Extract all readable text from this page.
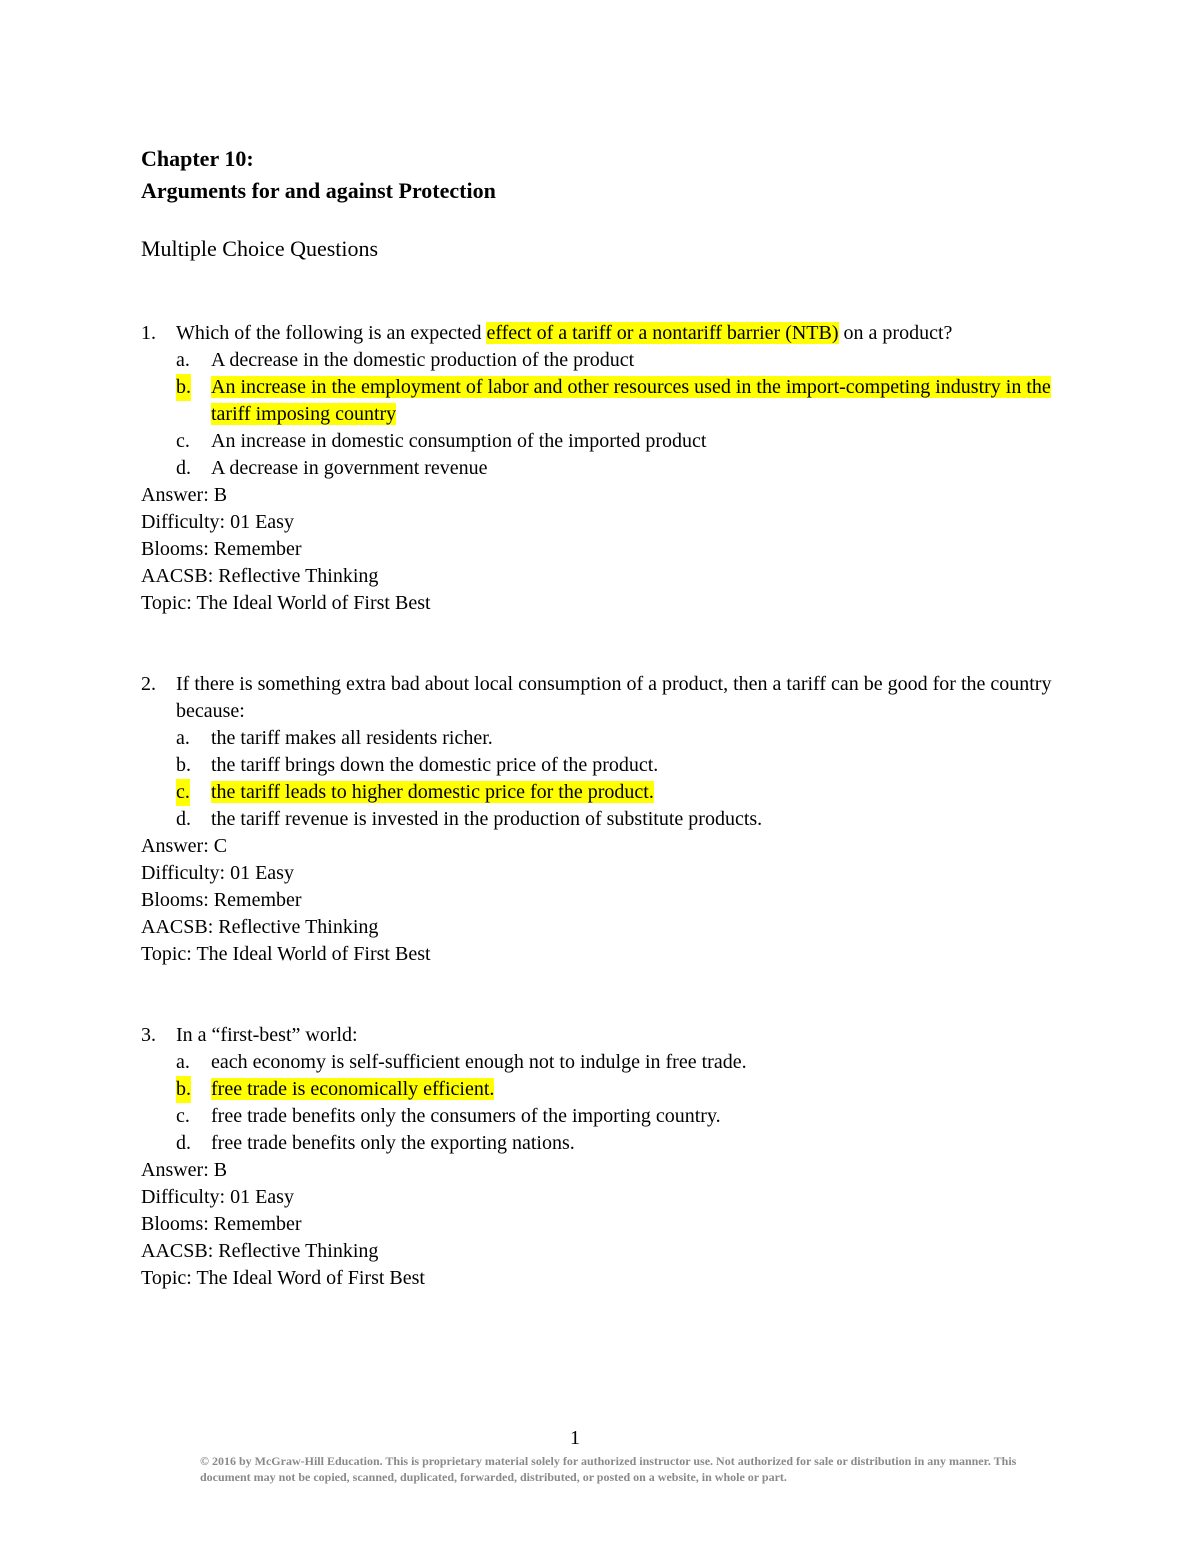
Chapter 10:
Arguments for and against Protection
Multiple Choice Questions
1. Which of the following is an expected effect of a tariff or a nontariff barrier (NTB) on a product?
a. A decrease in the domestic production of the product
b. An increase in the employment of labor and other resources used in the import-competing industry in the tariff imposing country
c. An increase in domestic consumption of the imported product
d. A decrease in government revenue
Answer: B
Difficulty: 01 Easy
Blooms: Remember
AACSB: Reflective Thinking
Topic: The Ideal World of First Best
2. If there is something extra bad about local consumption of a product, then a tariff can be good for the country because:
a. the tariff makes all residents richer.
b. the tariff brings down the domestic price of the product.
c. the tariff leads to higher domestic price for the product.
d. the tariff revenue is invested in the production of substitute products.
Answer: C
Difficulty: 01 Easy
Blooms: Remember
AACSB: Reflective Thinking
Topic: The Ideal World of First Best
3. In a “first-best” world:
a. each economy is self-sufficient enough not to indulge in free trade.
b. free trade is economically efficient.
c. free trade benefits only the consumers of the importing country.
d. free trade benefits only the exporting nations.
Answer: B
Difficulty: 01 Easy
Blooms: Remember
AACSB: Reflective Thinking
Topic: The Ideal Word of First Best
1
© 2016 by McGraw-Hill Education. This is proprietary material solely for authorized instructor use. Not authorized for sale or distribution in any manner. This document may not be copied, scanned, duplicated, forwarded, distributed, or posted on a website, in whole or part.
